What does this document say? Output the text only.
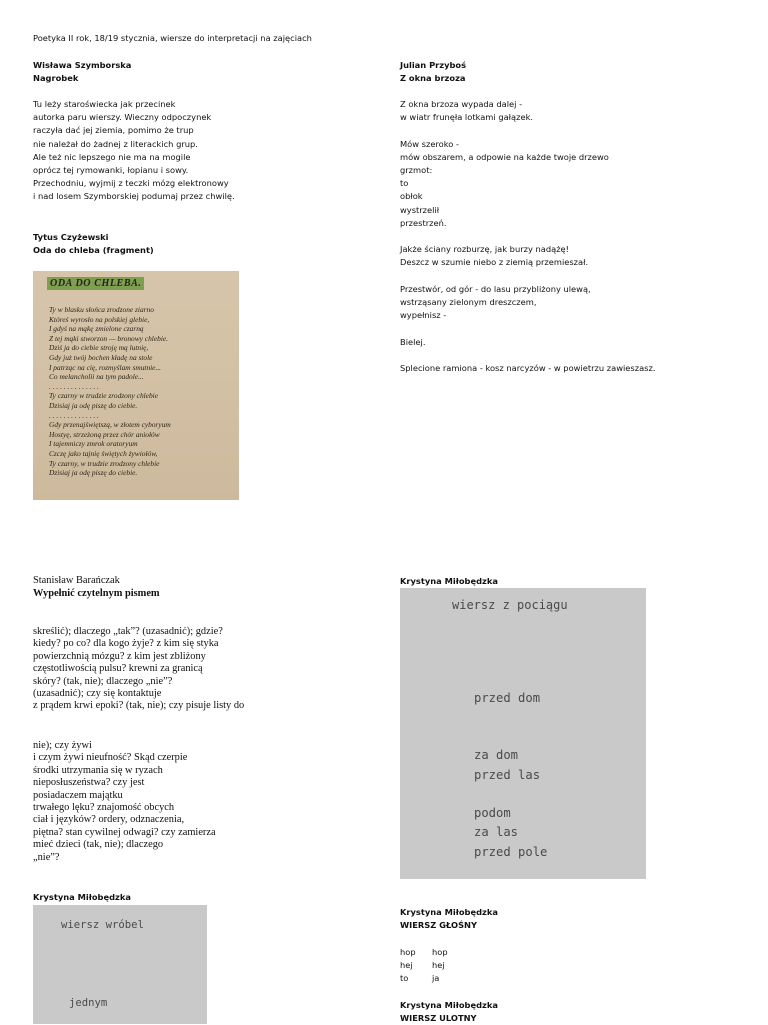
Poetyka II rok, 18/19 stycznia, wiersze do interpretacji na zajęciach
Wisława Szymborska
Nagrobek
Tu leży staroświecka jak przecinek
autorka paru wierszy. Wieczny odpoczynek
raczyła dać jej ziemia, pomimo że trup
nie należał do żadnej z literackich grup.
Ale też nic lepszego nie ma na mogile
oprócz tej rymowanki, łopianu i sowy.
Przechodniu, wyjmij z teczki mózg elektronowy
i nad losem Szymborskiej podumaj przez chwilę.
Tytus Czyżewski
Oda do chleba (fragment)
ODA DO CHLEBA.
Ty w blasku słońca zrodzone ziarno
Któreś wyrosło na polskiej glebie,
I gdyś na mąkę zmielone czarną
Z tej mąki stworzon — bronowy chlebie.
Dziś ja do ciebie stroję mą lutnię,
Gdy już twój bochen kładę na stole
I patrząc na cię, rozmyślam smutnie...
Co melancholii na tym padole...
. . . . . . . . . . . . . .
Ty czarny w trudzie zrodzony chlebie
Dzisiaj ja odę piszę do ciebie.
. . . . . . . . . . . . . .
Gdy przenajświętszą, w złotem cyboryum
Hostyę, strzeżoną przez chór aniołów
I tajemniczy zmrok oratoryum
Czczę jako tajnię świętych żywiołów,
Ty czarny, w trudzie zrodzony chlebie
Dzisiaj ja odę piszę do ciebie.
Julian Przyboś
Z okna brzoza
Z okna brzoza wypada dalej -
w wiatr frunęła lotkami gałązek.

Mów szeroko -
mów obszarem, a odpowie na każde twoje drzewo
grzmot:
to
obłok
wystrzelił
przestrzeń.

Jakże ściany rozburzę, jak burzy nadążę!
Deszcz w szumie niebo z ziemią przemieszał.

Przestwór, od gór - do lasu przybliżony ulewą,
wstrząsany zielonym dreszczem,
wypełnisz -

Bielej.

Splecione ramiona - kosz narcyzów - w powietrzu zawieszasz.
Stanisław Barańczak
Wypełnić czytelnym pismem
skreślić); dlaczego „tak”? (uzasadnić); gdzie?
kiedy? po co? dla kogo żyje? z kim się styka
powierzchnią mózgu? z kim jest zbliżony
częstotliwością pulsu? krewni za granicą
skóry? (tak, nie); dlaczego „nie”?
(uzasadnić); czy się kontaktuje
z prądem krwi epoki? (tak, nie); czy pisuje listy do
nie); czy żywi
i czym żywi nieufność? Skąd czerpie
środki utrzymania się w ryzach
nieposłuszeństwa? czy jest
posiadaczem majątku
trwałego lęku? znajomość obcych
ciał i języków? ordery, odznaczenia,
piętna? stan cywilnej odwagi? czy zamierza
mieć dzieci (tak, nie); dlaczego
„nie”?
Krystyna Miłobędzka
wiersz z pociągu

przed dom

za dom

podom

przed las

za las

przed pole

Krystyna Miłobędzka
wiersz wróbel

jednym

Krystyna Miłobędzka
WIERSZ GŁOŚNY
hop hop
hej hej
to	ja
Krystyna Miłobędzka
WIERSZ ULOTNY
